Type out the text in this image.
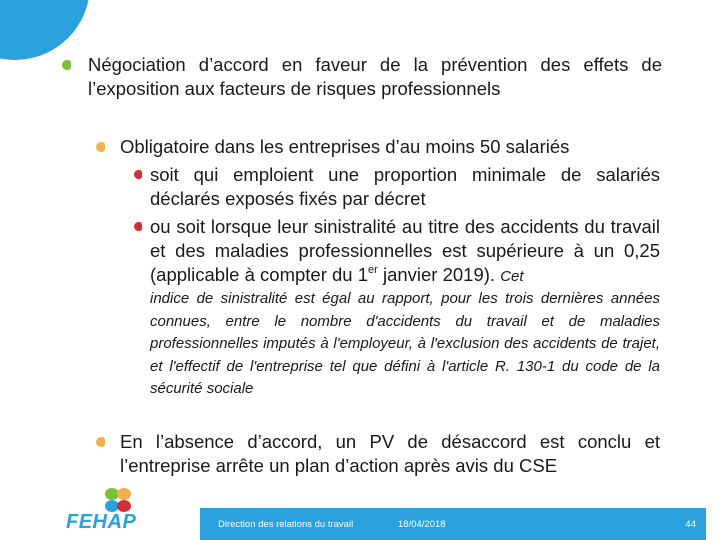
Négociation d’accord en faveur de la prévention des effets de l’exposition aux facteurs de risques professionnels
Obligatoire dans les entreprises d’au moins 50 salariés
soit qui emploient une proportion minimale de salariés déclarés exposés fixés par décret
ou soit lorsque leur sinistralité au titre des accidents du travail et des maladies professionnelles est supérieure à un 0,25 (applicable à compter du 1er janvier 2019). Cet
indice de sinistralité est égal au rapport, pour les trois dernières années connues, entre le nombre d'accidents du travail et de maladies professionnelles imputés à l'employeur, à l'exclusion des accidents de trajet, et l'effectif de l'entreprise tel que défini à l'article R. 130-1 du code de la sécurité sociale
En l’absence d’accord, un PV de désaccord est conclu et l’entreprise arrête un plan d’action après avis du CSE
FEHAP	Direction des relations du travail	18/04/2018	44
